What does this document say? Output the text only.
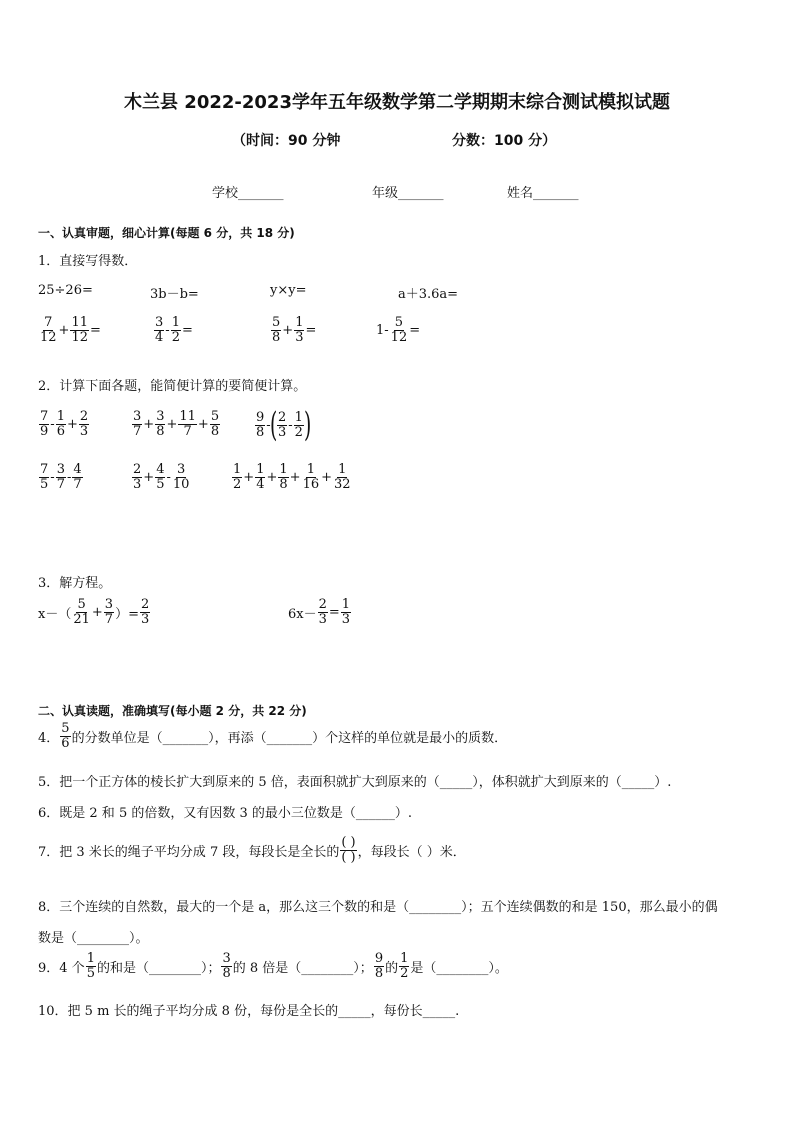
木兰县 2022-2023学年五年级数学第二学期期末综合测试模拟试题
（时间：90 分钟	分数：100 分）
学校_______	年级_______	姓名_______
一、认真审题，细心计算(每题 6 分，共 18 分)
1．直接写得数．
25÷26=	3b－b=	y×y=	a＋3.6a=
7
$12 + \frac{11}{12}$ =
3
$4 - \frac{1}{2}$ =
5
$8 + \frac{1}{3}$ =	$1- \frac{5}{12}$ =
2．计算下面各题，能简便计算的要简便计算。
7
9 -
1
$6 + \frac{2}{3}$	3
$7 + \frac{3}{8} + \frac{11}{7} + \frac{5}{8}$	9
8 -
( 2
3 -
1
2 )
7
5 -
3
7 -
4
7
2
$3 + \frac{4}{5}$ -
3
10
1
$2 + \frac{1}{4} + \frac{1}{8} + \frac{1}{16} + \frac{1}{32}$
3．解方程。
x－（
5
$21 + \frac{3}{7}$ ）= $\frac{2}{3}$	$6x- \frac{2}{3} = \frac{1}{3}$
二、认真读题，准确填写(每小题 2 分，共 22 分)
4．
5
6 的分数单位是（_______），再添（_______）个这样的单位就是最小的质数．
5．把一个正方体的棱长扩大到原来的 5 倍，表面积就扩大到原来的（_____），体积就扩大到原来的（_____）.
6．既是 2 和 5 的倍数，又有因数 3 的最小三位数是（______）.
7．把 3 米长的绳子平均分成 7 段，每段长是全长的
( )
( ) ，每段长（ ）米．
8．三个连续的自然数，最大的一个是 a，那么这三个数的和是（________）；五个连续偶数的和是 150，那么最小的偶
数是（________）。
9．4 个
1
5 的和是（________）；
3
8 的 8 倍是（________）；
9
8 的
1
2 是（________）。
10．把 5 m 长的绳子平均分成 8 份，每份是全长的_____，每份长_____.
